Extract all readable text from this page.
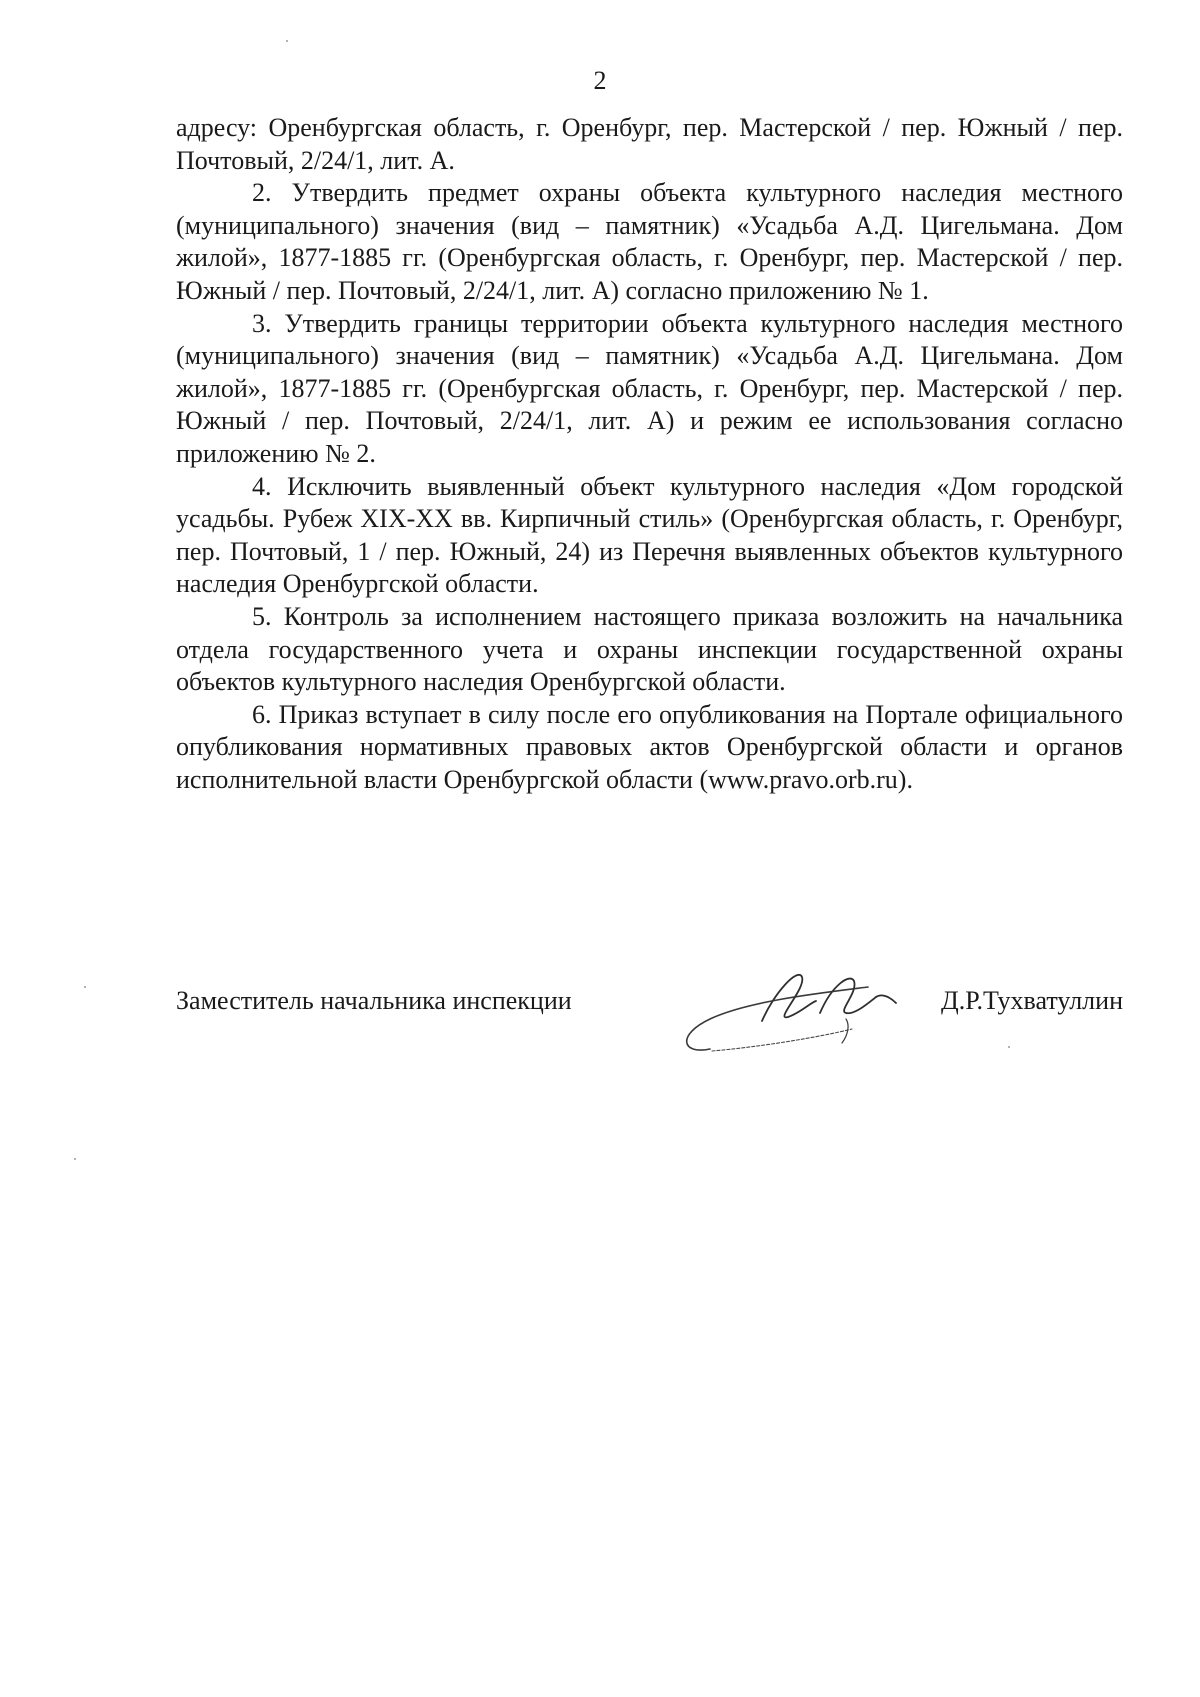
2

адресу: Оренбургская область, г. Оренбург, пер. Мастерской / пер. Южный / пер. Почтовый, 2/24/1, лит. А.

2. Утвердить предмет охраны объекта культурного наследия местного (муниципального) значения (вид – памятник) «Усадьба А.Д. Цигельмана. Дом жилой», 1877-1885 гг. (Оренбургская область, г. Оренбург, пер. Мастерской / пер. Южный / пер. Почтовый, 2/24/1, лит. А) согласно приложению № 1.

3. Утвердить границы территории объекта культурного наследия местного (муниципального) значения (вид – памятник) «Усадьба А.Д. Цигельмана. Дом жилой», 1877-1885 гг. (Оренбургская область, г. Оренбург, пер. Мастерской / пер. Южный / пер. Почтовый, 2/24/1, лит. А) и режим ее использования согласно приложению № 2.

4. Исключить выявленный объект культурного наследия «Дом городской усадьбы. Рубеж XIX-XX вв. Кирпичный стиль» (Оренбургская область, г. Оренбург, пер. Почтовый, 1 / пер. Южный, 24) из Перечня выявленных объектов культурного наследия Оренбургской области.

5. Контроль за исполнением настоящего приказа возложить на начальника отдела государственного учета и охраны инспекции государственной охраны объектов культурного наследия Оренбургской области.

6. Приказ вступает в силу после его опубликования на Портале официального опубликования нормативных правовых актов Оренбургской области и органов исполнительной власти Оренбургской области (www.pravo.orb.ru).

Заместитель начальника инспекции	Д.Р.Тухватуллин
